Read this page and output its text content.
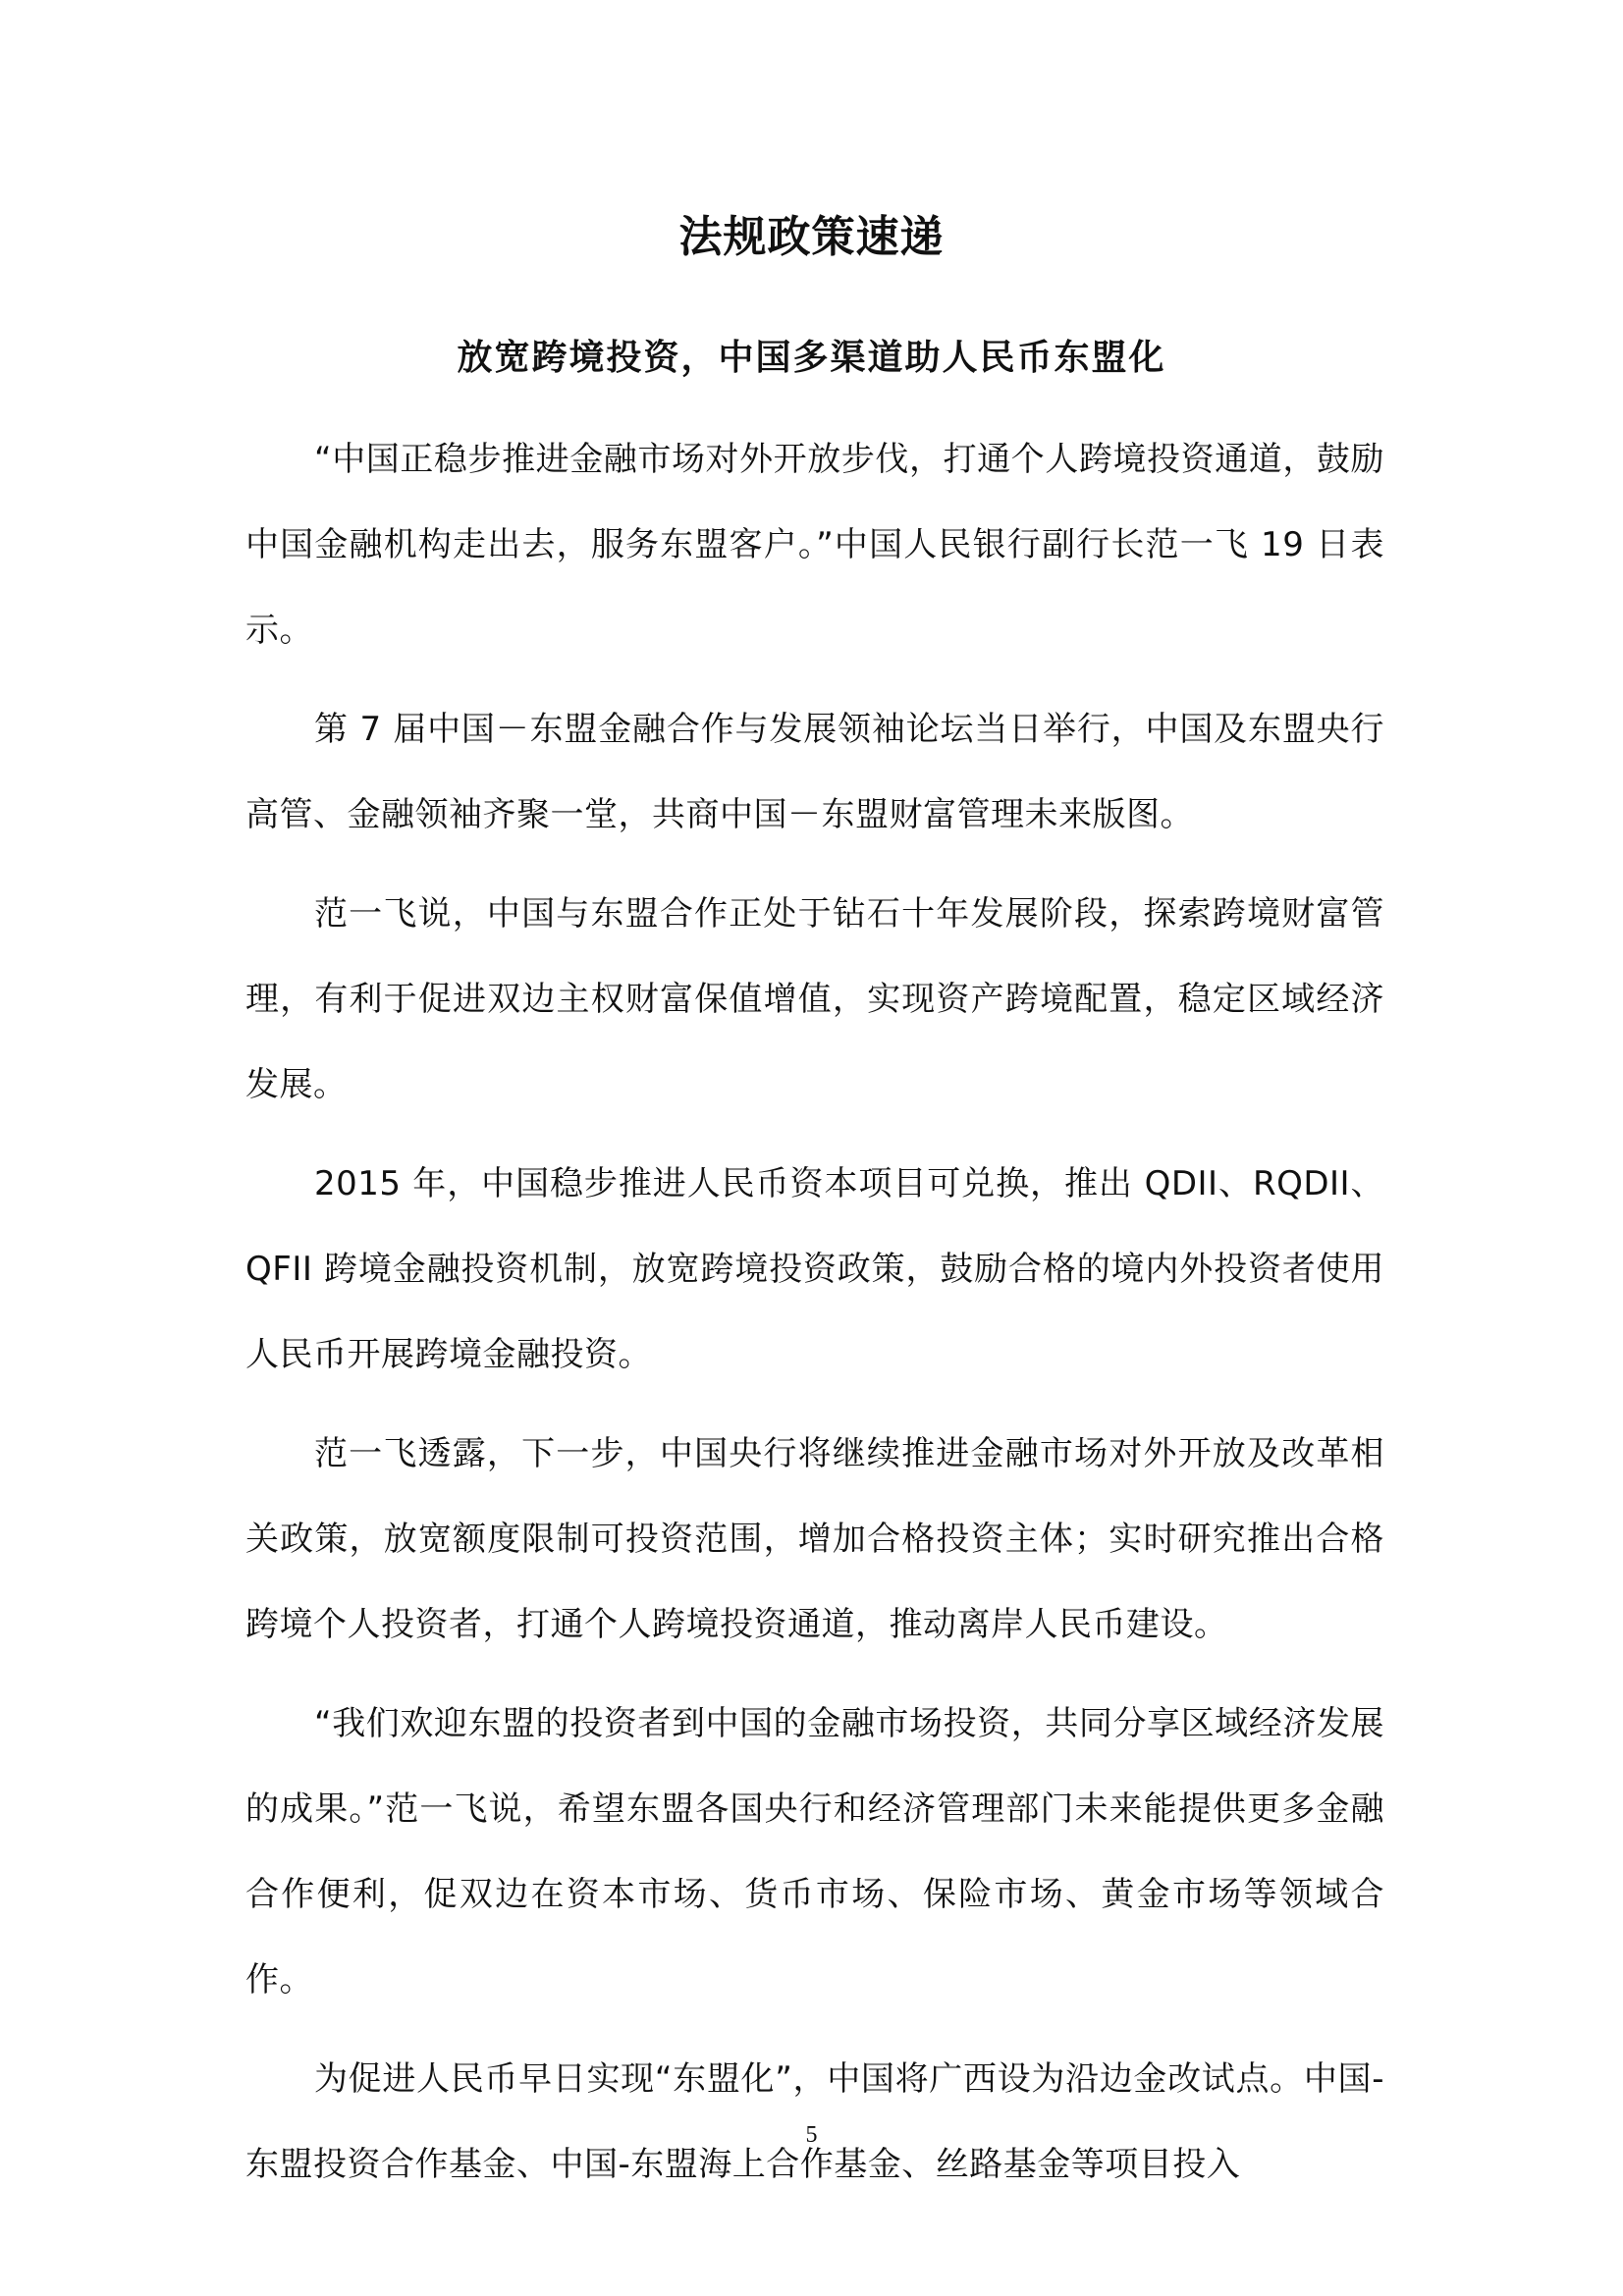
法规政策速递
放宽跨境投资，中国多渠道助人民币东盟化

“中国正稳步推进金融市场对外开放步伐，打通个人跨境投资通道，鼓励中国金融机构走出去，服务东盟客户。”中国人民银行副行长范一飞 19 日表示。

第 7 届中国－东盟金融合作与发展领袖论坛当日举行，中国及东盟央行高管、金融领袖齐聚一堂，共商中国－东盟财富管理未来版图。

范一飞说，中国与东盟合作正处于钻石十年发展阶段，探索跨境财富管理，有利于促进双边主权财富保值增值，实现资产跨境配置，稳定区域经济发展。

2015 年，中国稳步推进人民币资本项目可兑换，推出 QDII、RQDII、QFII 跨境金融投资机制，放宽跨境投资政策，鼓励合格的境内外投资者使用人民币开展跨境金融投资。

范一飞透露，下一步，中国央行将继续推进金融市场对外开放及改革相关政策，放宽额度限制可投资范围，增加合格投资主体；实时研究推出合格跨境个人投资者，打通个人跨境投资通道，推动离岸人民币建设。

“我们欢迎东盟的投资者到中国的金融市场投资，共同分享区域经济发展的成果。”范一飞说，希望东盟各国央行和经济管理部门未来能提供更多金融合作便利，促双边在资本市场、货币市场、保险市场、黄金市场等领域合作。

为促进人民币早日实现“东盟化”，中国将广西设为沿边金改试点。中国-东盟投资合作基金、中国-东盟海上合作基金、丝路基金等项目投入

5
